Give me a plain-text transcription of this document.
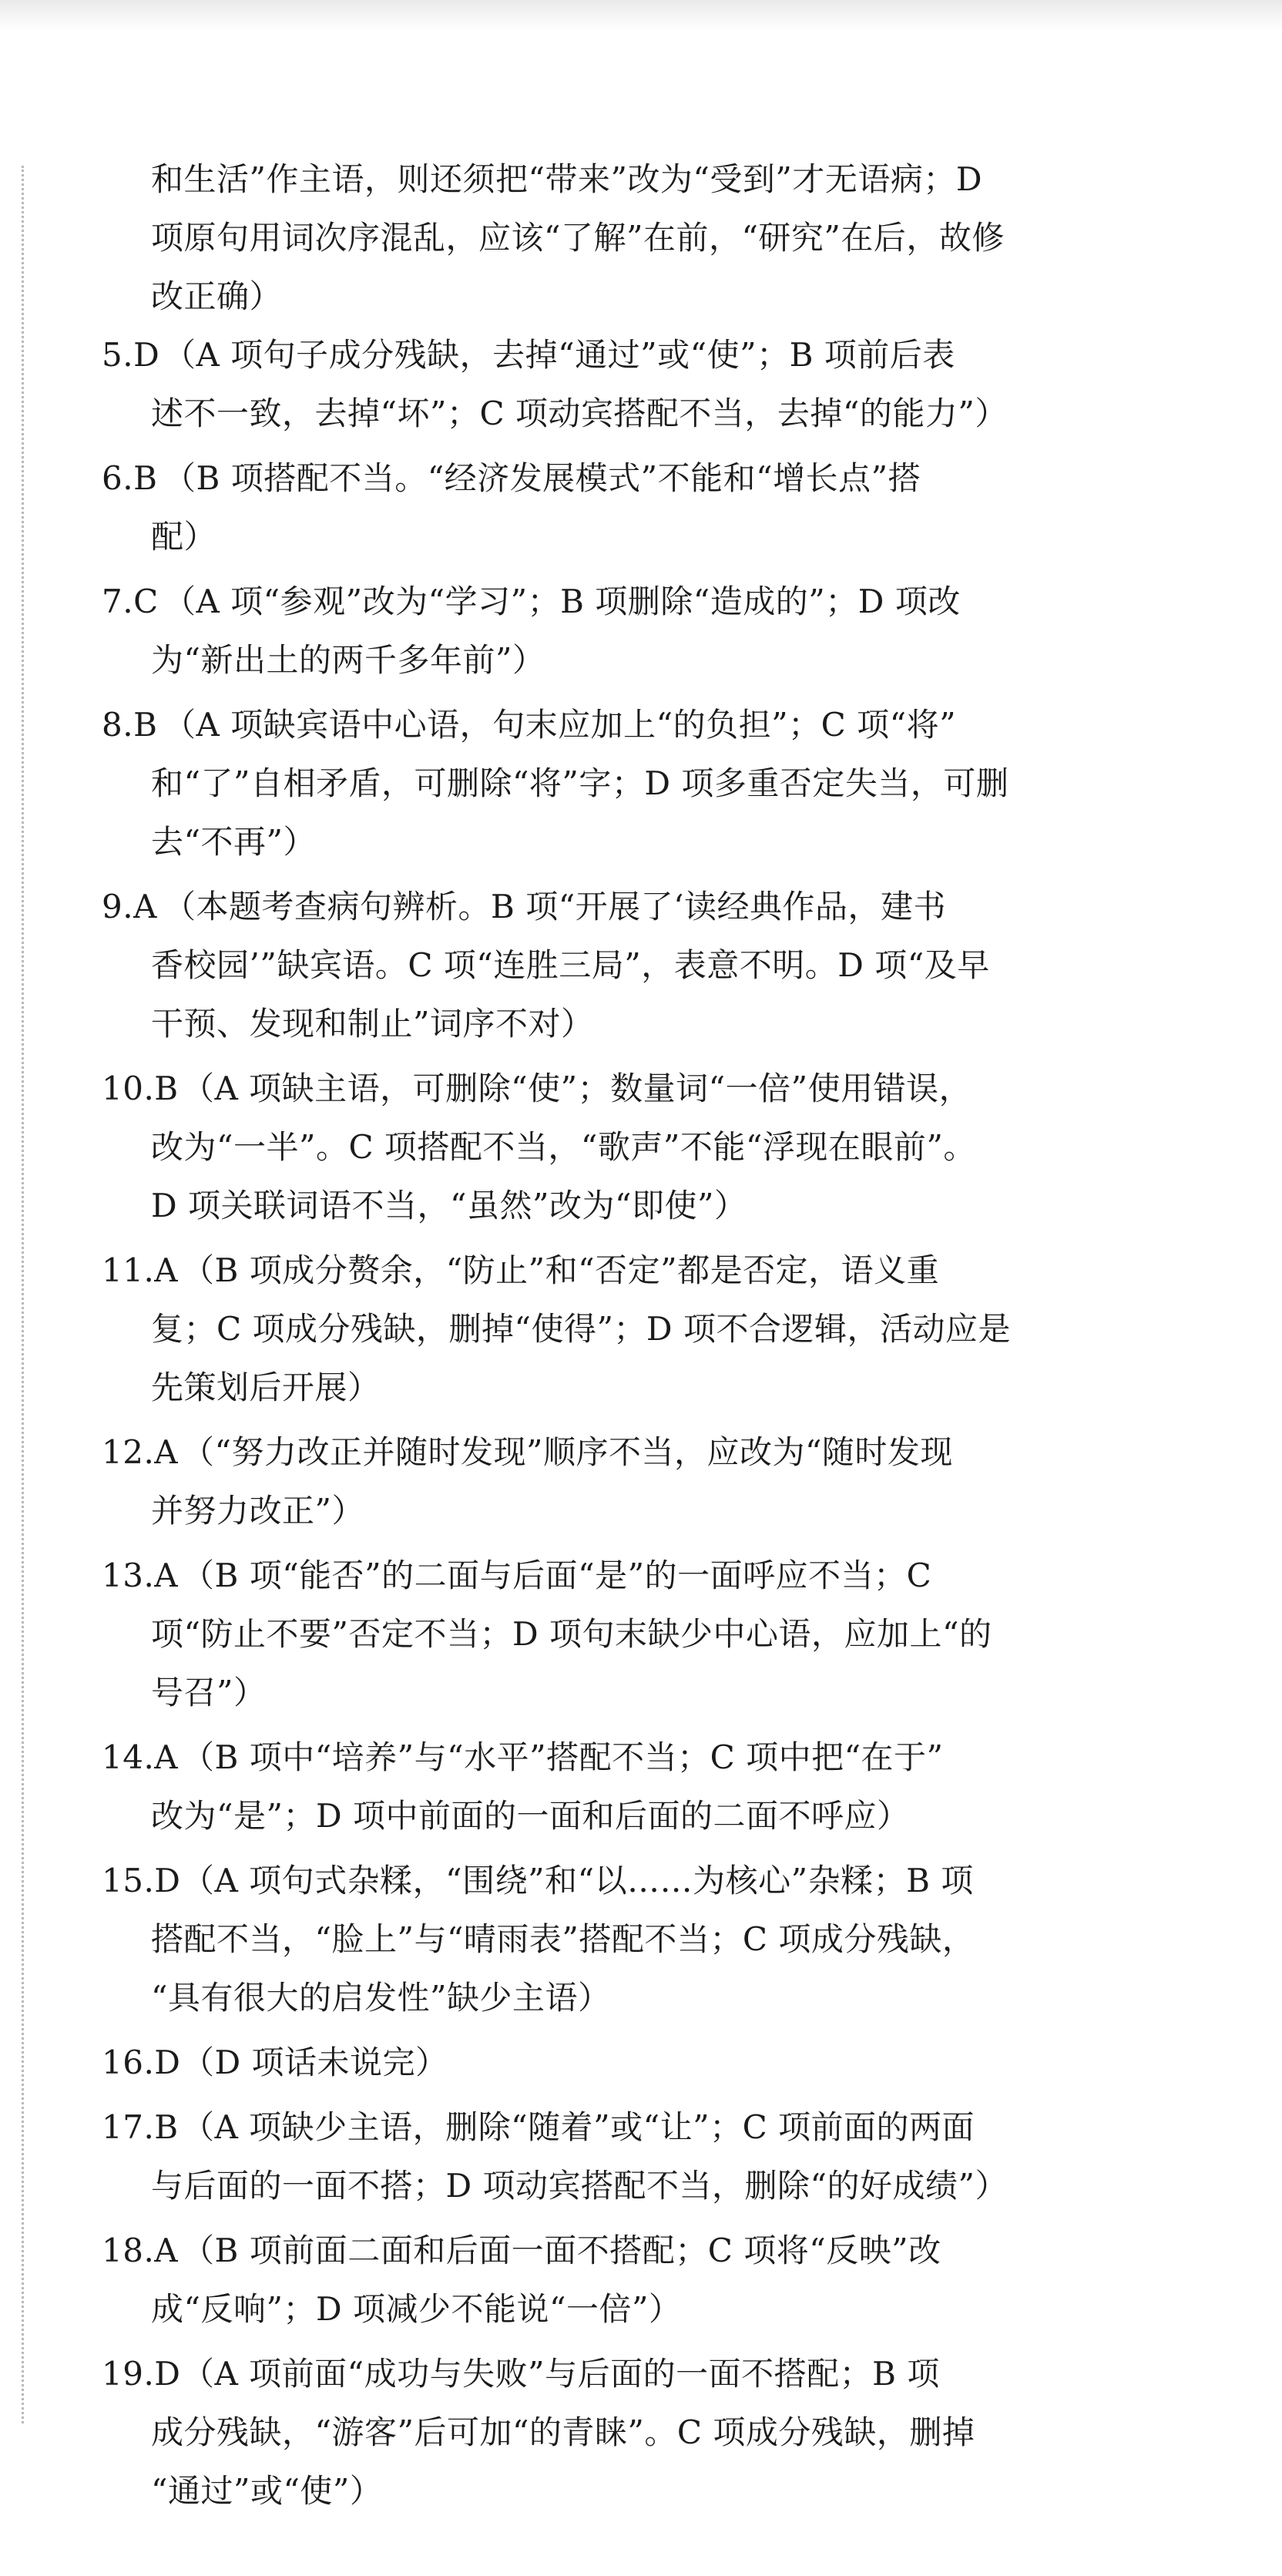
和生活”作主语，则还须把“带来”改为“受到”才无语病；D
项原句用词次序混乱，应该“了解”在前，“研究”在后，故修
改正确）
5.D （A 项句子成分残缺，去掉“通过”或“使”；B 项前后表
述不一致，去掉“坏”；C 项动宾搭配不当，去掉“的能力”）
6.B （B 项搭配不当。“经济发展模式”不能和“增长点”搭
配）
7.C （A 项“参观”改为“学习”；B 项删除“造成的”；D 项改
为“新出土的两千多年前”）
8.B （A 项缺宾语中心语，句末应加上“的负担”；C 项“将”
和“了”自相矛盾，可删除“将”字；D 项多重否定失当，可删
去“不再”）
9.A （本题考查病句辨析。B 项“开展了‘读经典作品，建书
香校园’”缺宾语。C 项“连胜三局”，表意不明。D 项“及早
干预、发现和制止”词序不对）
10.B （A 项缺主语，可删除“使”；数量词“一倍”使用错误，
改为“一半”。C 项搭配不当，“歌声”不能“浮现在眼前”。
D 项关联词语不当，“虽然”改为“即使”）
11.A （B 项成分赘余，“防止”和“否定”都是否定，语义重
复；C 项成分残缺，删掉“使得”；D 项不合逻辑，活动应是
先策划后开展）
12.A （“努力改正并随时发现”顺序不当，应改为“随时发现
并努力改正”）
13.A （B 项“能否”的二面与后面“是”的一面呼应不当；C
项“防止不要”否定不当；D 项句末缺少中心语，应加上“的
号召”）
14.A （B 项中“培养”与“水平”搭配不当；C 项中把“在于”
改为“是”；D 项中前面的一面和后面的二面不呼应）
15.D （A 项句式杂糅，“围绕”和“以……为核心”杂糅；B 项
搭配不当，“脸上”与“晴雨表”搭配不当；C 项成分残缺，
“具有很大的启发性”缺少主语）
16.D （D 项话未说完）
17.B （A 项缺少主语，删除“随着”或“让”；C 项前面的两面
与后面的一面不搭；D 项动宾搭配不当，删除“的好成绩”）
18.A （B 项前面二面和后面一面不搭配；C 项将“反映”改
成“反响”；D 项减少不能说“一倍”）
19.D （A 项前面“成功与失败”与后面的一面不搭配；B 项
成分残缺，“游客”后可加“的青睐”。C 项成分残缺，删掉
“通过”或“使”）
